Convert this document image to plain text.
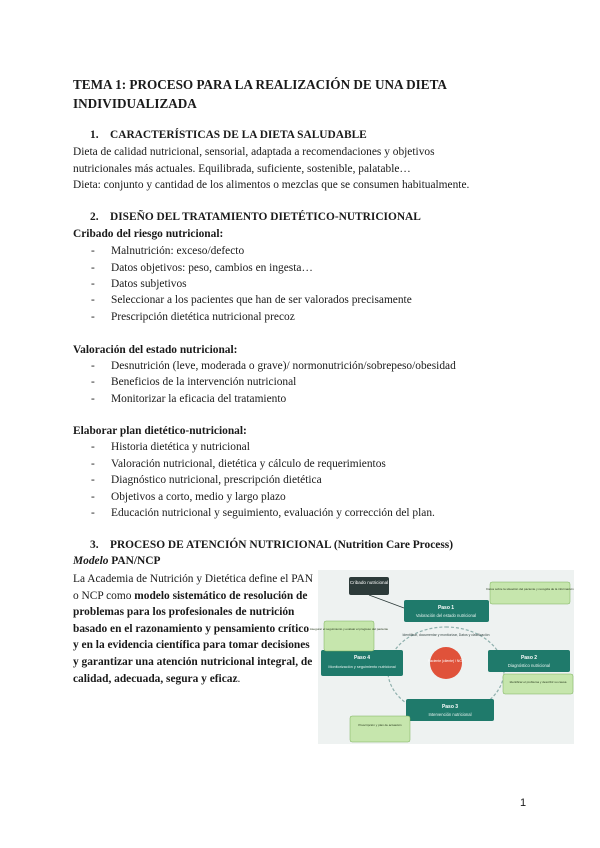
TEMA 1: PROCESO PARA LA REALIZACIÓN DE UNA DIETA INDIVIDUALIZADA
1. CARACTERÍSTICAS DE LA DIETA SALUDABLE
Dieta de calidad nutricional, sensorial, adaptada a recomendaciones y objetivos
nutricionales más actuales. Equilibrada, suficiente, sostenible, palatable…
Dieta: conjunto y cantidad de los alimentos o mezclas que se consumen habitualmente.
2. DISEÑO DEL TRATAMIENTO DIETÉTICO-NUTRICIONAL
Cribado del riesgo nutricional:
- Malnutrición: exceso/defecto
- Datos objetivos: peso, cambios en ingesta…
- Datos subjetivos
- Seleccionar a los pacientes que han de ser valorados precisamente
- Prescripción dietética nutricional precoz
Valoración del estado nutricional:
- Desnutrición (leve, moderada o grave)/ normonutrición/sobrepeso/obesidad
- Beneficios de la intervención nutricional
- Monitorizar la eficacia del tratamiento
Elaborar plan dietético-nutricional:
- Historia dietética y nutricional
- Valoración nutricional, dietética y cálculo de requerimientos
- Diagnóstico nutricional, prescripción dietética
- Objetivos a corto, medio y largo plazo
- Educación nutricional y seguimiento, evaluación y corrección del plan.
3. PROCESO DE ATENCIÓN NUTRICIONAL (Nutrition Care Process)
Modelo PAN/NCP
La Academia de Nutrición y Dietética define el PAN o NCP como modelo sistemático de resolución de problemas para los profesionales de nutrición basado en el razonamiento y pensamiento crítico y en la evidencia científica para tomar decisiones y garantizar una atención nutricional integral, de calidad, adecuada, segura y eficaz.
Cribado nutricional
Paso 1
Valoración del estado nutricional
Paso 2
Diagnóstico nutricional
Paso 3
Intervención nutricional
Paso 4
Monitorización y seguimiento nutricional
Paciente (cliente) / NCP
Identificar, documentar y monitorizar, Datos y clasificación
Datos sobre la situación del paciente y recogida de la información
Asegurar el seguimiento y evaluar el progreso del paciente
Identificar el problema y describir su causa
Prescripción y plan de actuación
1
